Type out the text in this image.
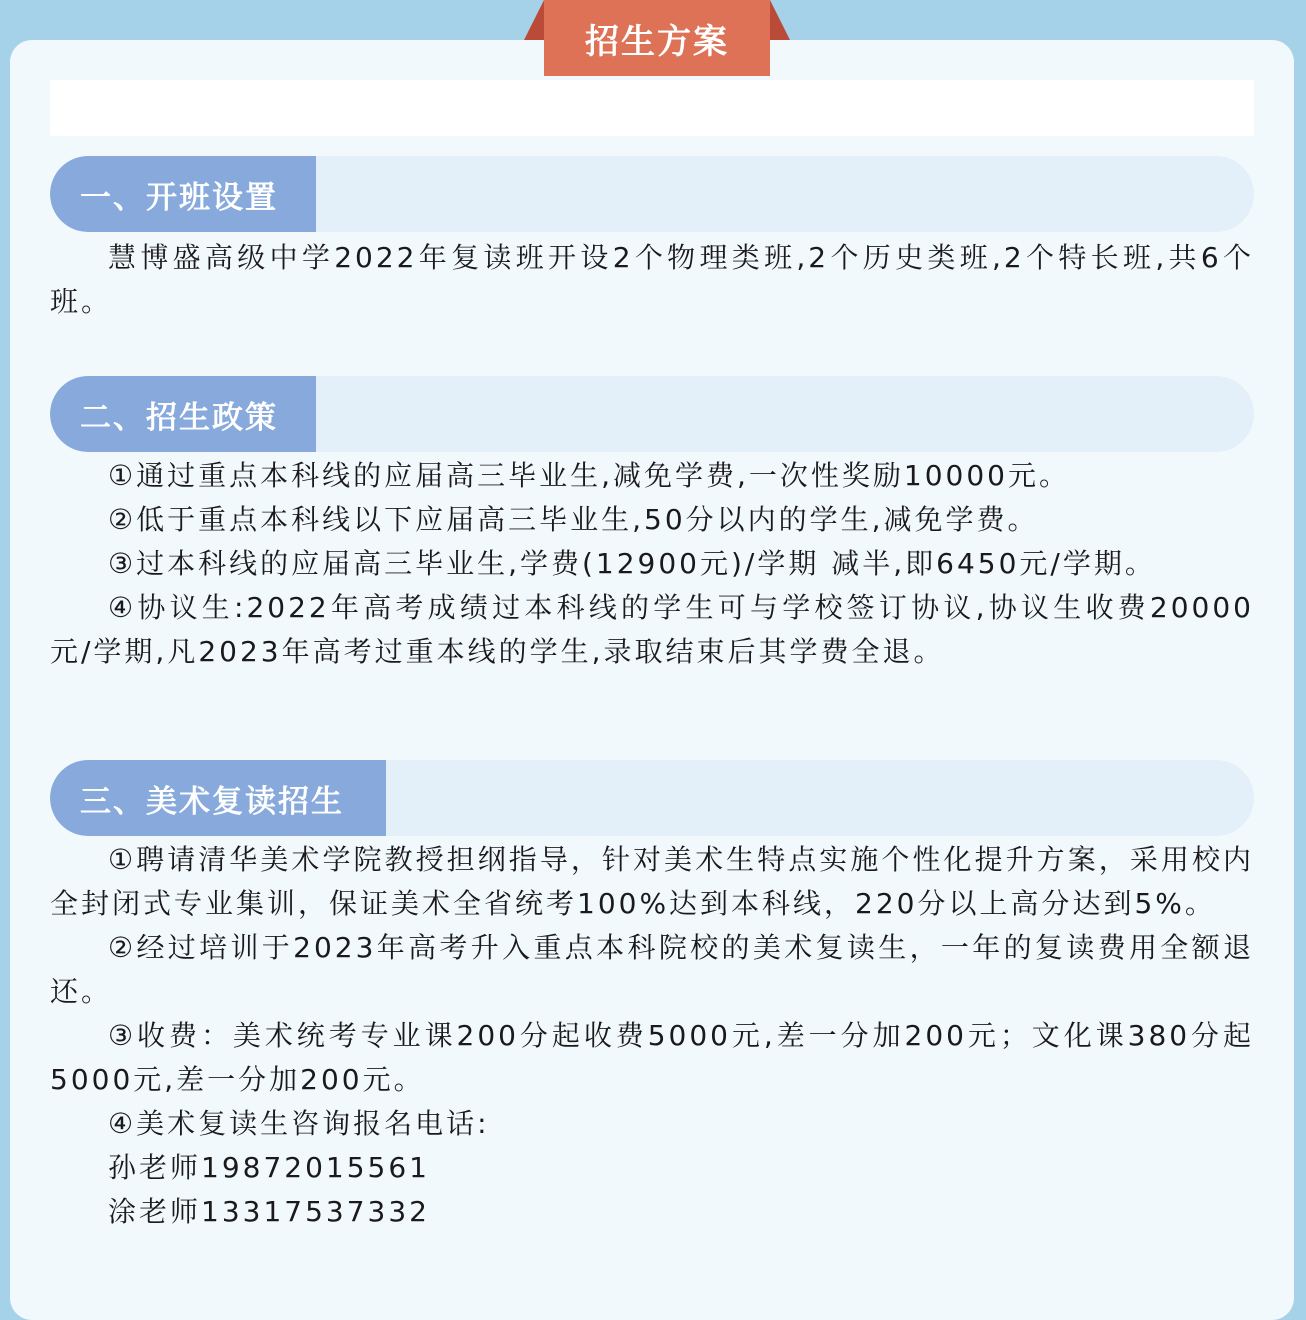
招生方案
一、开班设置

慧博盛高级中学2022年复读班开设2个物理类班,2个历史类班,2个特长班,共6个班。

二、招生政策

①通过重点本科线的应届高三毕业生,减免学费,一次性奖励10000元。

②低于重点本科线以下应届高三毕业生,50分以内的学生,减免学费。

③过本科线的应届高三毕业生,学费(12900元)/学期 减半,即6450元/学期。

④协议生:2022年高考成绩过本科线的学生可与学校签订协议,协议生收费20000元/学期,凡2023年高考过重本线的学生,录取结束后其学费全退。

三、美术复读招生

①聘请清华美术学院教授担纲指导，针对美术生特点实施个性化提升方案，采用校内全封闭式专业集训，保证美术全省统考100%达到本科线，220分以上高分达到5%。

②经过培训于2023年高考升入重点本科院校的美术复读生，一年的复读费用全额退还。

③收费：美术统考专业课200分起收费5000元,差一分加200元；文化课380分起5000元,差一分加200元。

④美术复读生咨询报名电话:

孙老师19872015561

涂老师13317537332
